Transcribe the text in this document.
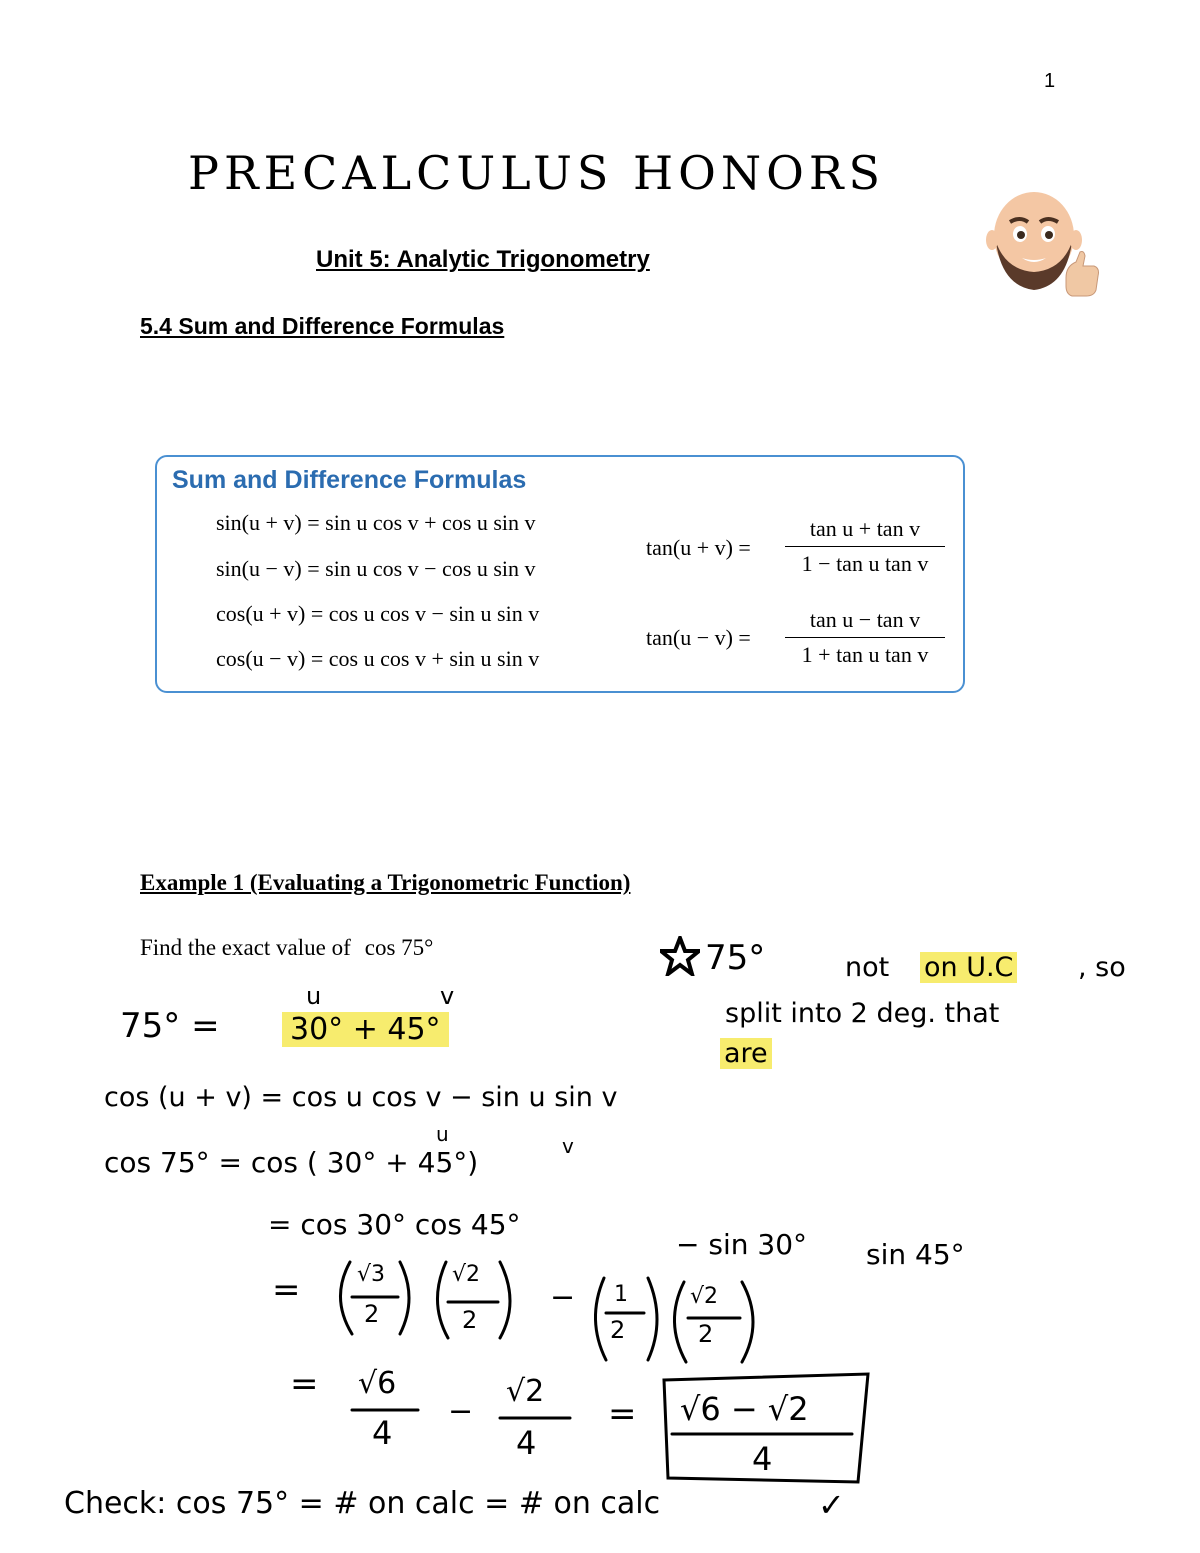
1
PRECALCULUS HONORS
Unit 5: Analytic Trigonometry
5.4 Sum and Difference Formulas
Sum and Difference Formulas
sin(u + v) = sin u cos v + cos u sin v
sin(u − v) = sin u cos v − cos u sin v
cos(u + v) = cos u cos v − sin u sin v
cos(u − v) = cos u cos v + sin u sin v
$\tan(u + v) = \frac{\text{tan u + tan v}}{\text{1 − tan u tan v}}$
$\tan(u - v) = \frac{\text{tan u − tan v}}{\text{1 + tan u tan v}}$
Example 1 (Evaluating a Trigonometric Function)
Find the exact value of cos 75°	75°	not on U.C , so
split into 2 deg. that
are
u	v
75° = 30° + 45°
cos (u + v) = cos u cos v − sin u sin v
u	v
cos 75° = cos ( 30° + 45°)
= cos 30° cos 45°
− sin 30° sin 45°
=	√3
2
√2
2
− 1
2
√2
2
= √6
4
−
√2
4
= √6 − √2
4
Check: cos 75° = # on calc = # on calc	✓
